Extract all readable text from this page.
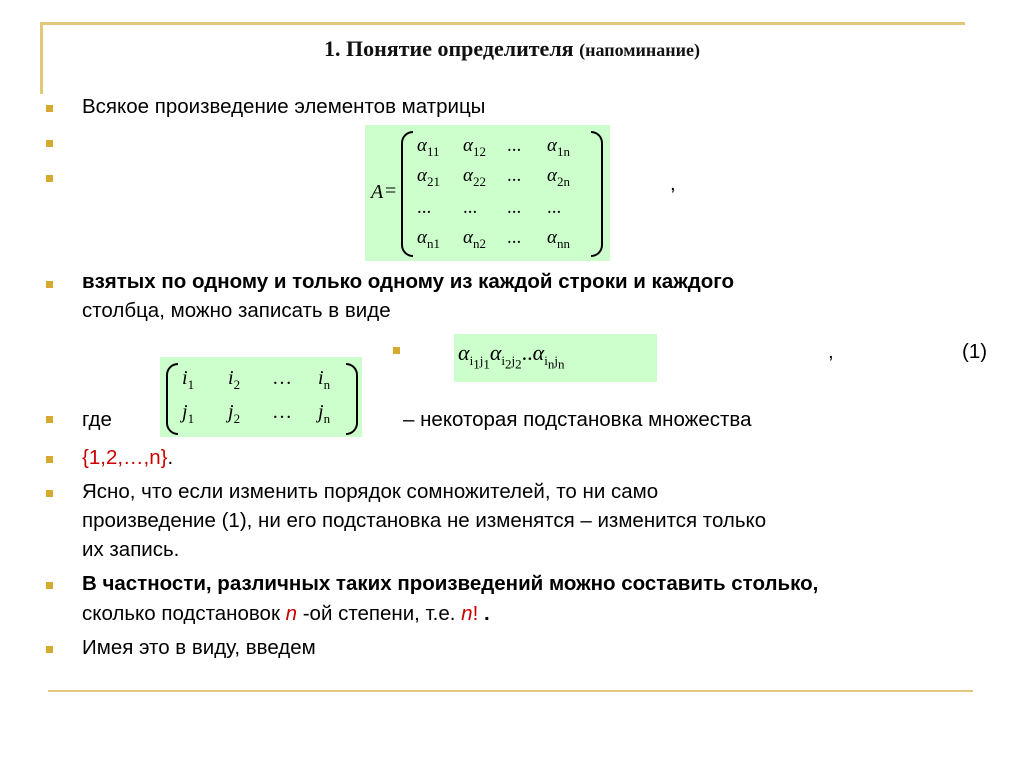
1. Понятие определителя (напоминание)
Всякое произведение элементов матрицы
A =
$\alpha_{11}$ $\alpha_{12}$ ... $\alpha_{1n}$
$\alpha_{21}$ $\alpha_{22}$ ... $\alpha_{2n}$
... ... ... ...
$\alpha_{n1}$ $\alpha_{n2}$ ... $\alpha_{nn}$
,
взятых по одному и только одному из каждой строки и каждого
столбца, можно записать в виде
$\alpha_{i_1j_1}\alpha_{i_2j_2}..\alpha_{i_nj_n}$
,	(1)
$i_1$ $i_2$ … $i_n$
$j_1$ $j_2$ … $j_n$
где	– некоторая подстановка множества
{1,2,…,n}.
Ясно, что если изменить порядок сомножителей, то ни само
произведение (1), ни его подстановка не изменятся – изменится только
их запись.
В частности, различных таких произведений можно составить столько,
сколько подстановок n -ой степени, т.е. n! .
Имея это в виду, введем
